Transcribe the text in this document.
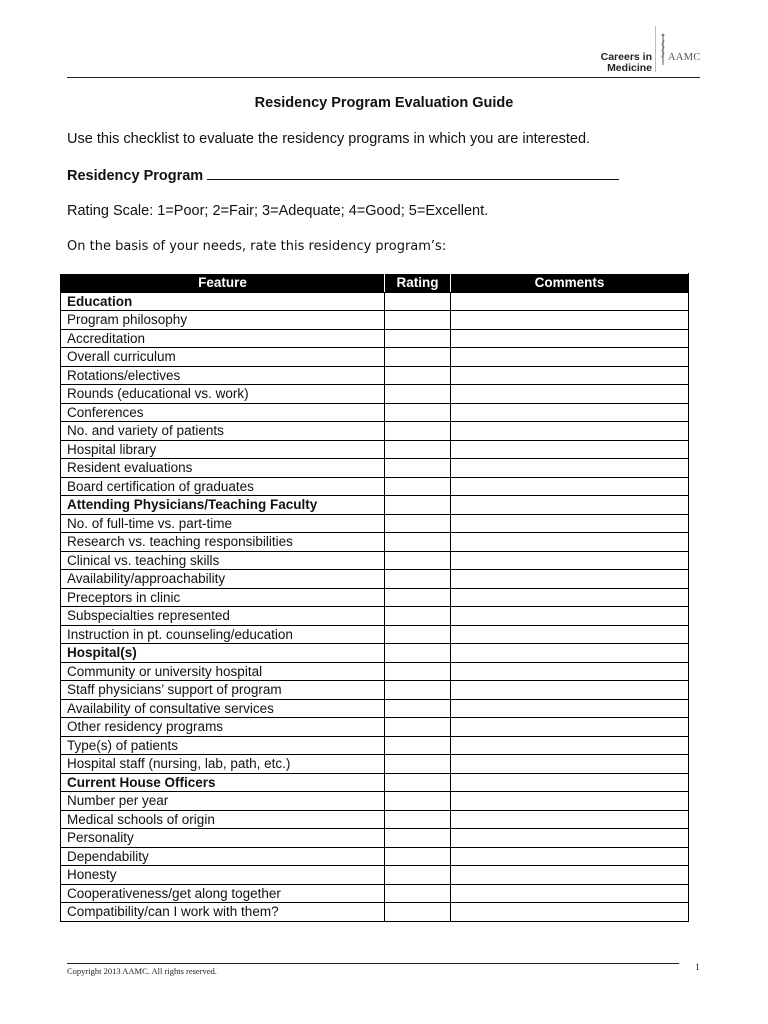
Careers in
Medicine
AAMC
Residency Program Evaluation Guide
Use this checklist to evaluate the residency programs in which you are interested.
Residency Program
Rating Scale: 1=Poor; 2=Fair; 3=Adequate; 4=Good; 5=Excellent.
On the basis of your needs, rate this residency program’s:
Feature	Rating	Comments
Education		
Program philosophy		
Accreditation		
Overall curriculum		
Rotations/electives		
Rounds (educational vs. work)		
Conferences		
No. and variety of patients		
Hospital library		
Resident evaluations		
Board certification of graduates		
Attending Physicians/Teaching Faculty		
No. of full-time vs. part-time		
Research vs. teaching responsibilities		
Clinical vs. teaching skills		
Availability/approachability		
Preceptors in clinic		
Subspecialties represented		
Instruction in pt. counseling/education		
Hospital(s)		
Community or university hospital		
Staff physicians’ support of program		
Availability of consultative services		
Other residency programs		
Type(s) of patients		
Hospital staff (nursing, lab, path, etc.)		
Current House Officers		
Number per year		
Medical schools of origin		
Personality		
Dependability		
Honesty		
Cooperativeness/get along together		
Compatibility/can I work with them?		
Copyright 2013 AAMC. All rights reserved.	1
